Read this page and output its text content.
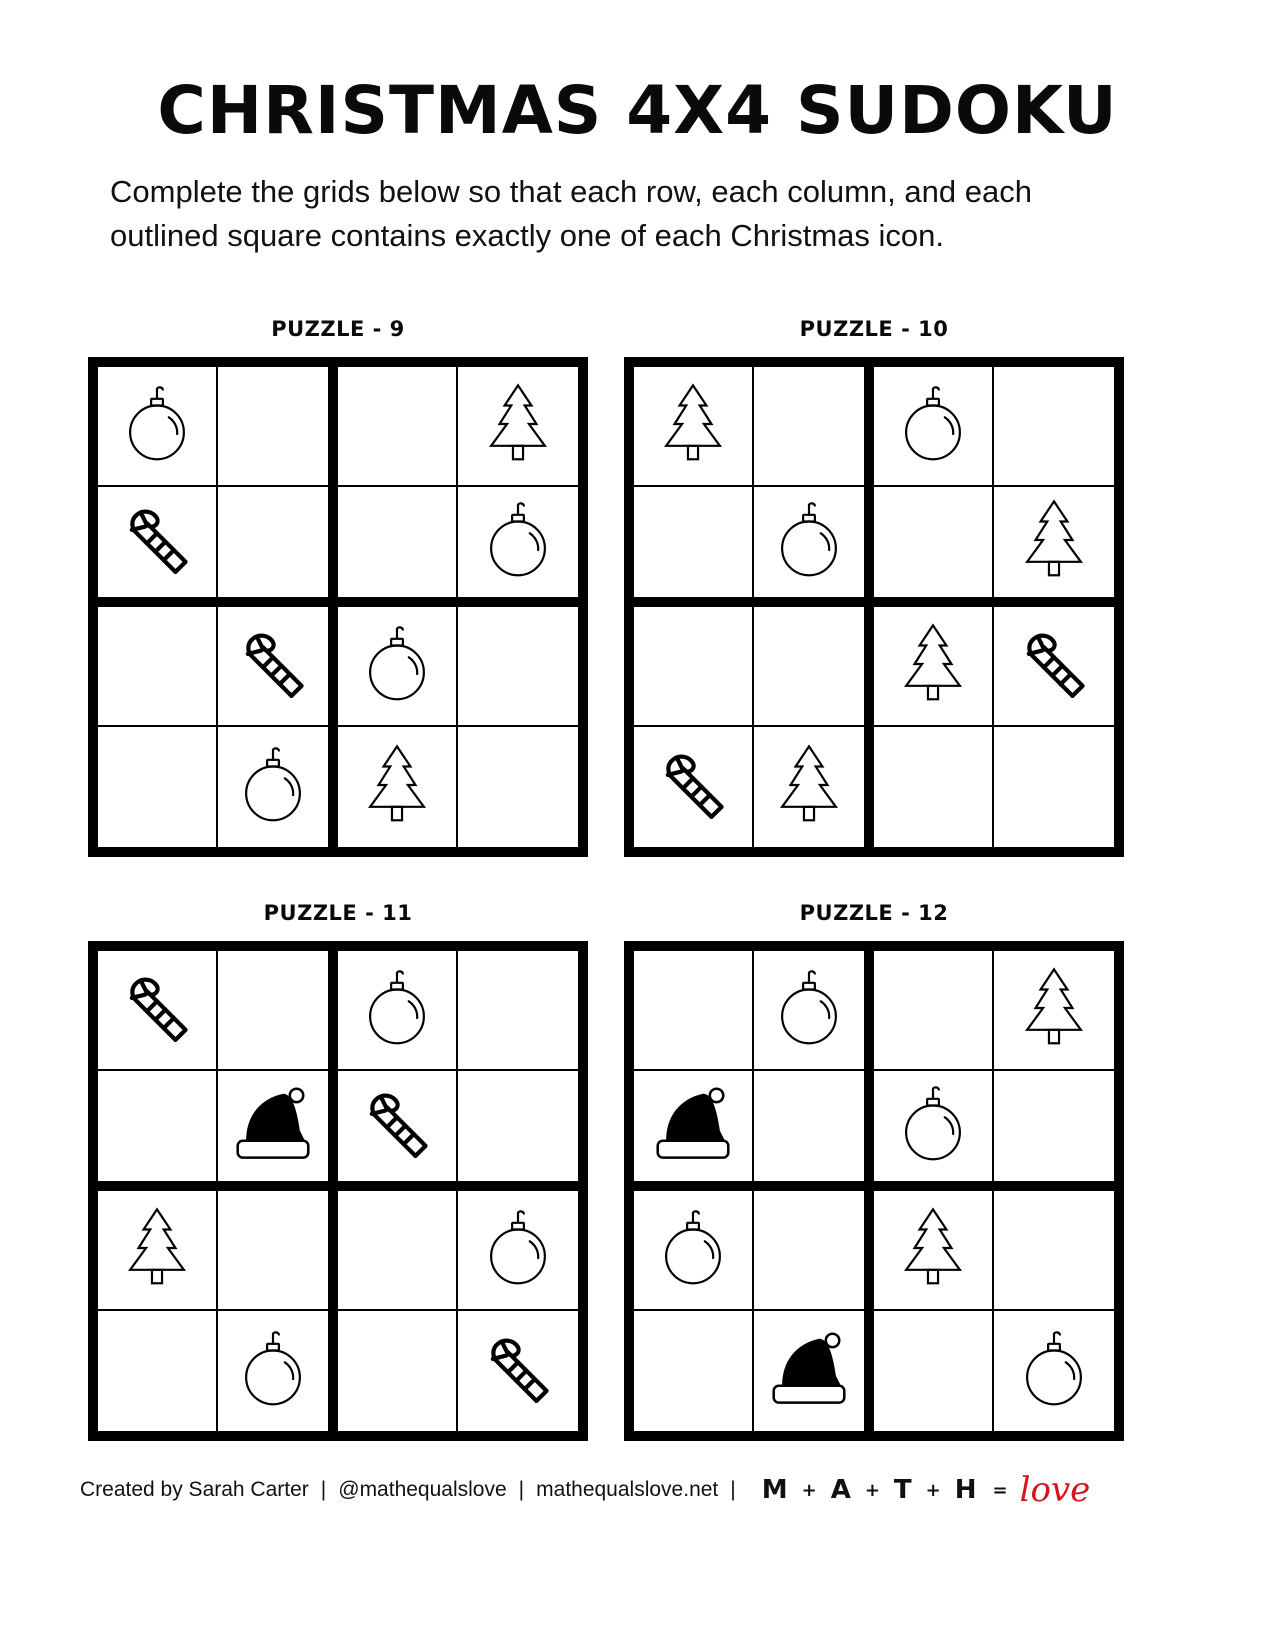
CHRISTMAS 4X4 SUDOKU
Complete the grids below so that each row, each column, and each outlined square contains exactly one of each Christmas icon.
PUZZLE - 9	PUZZLE - 10
PUZZLE - 11	PUZZLE - 12
Created by Sarah Carter | @mathequalslove | mathequalslove.net | M + A + T + H = love
